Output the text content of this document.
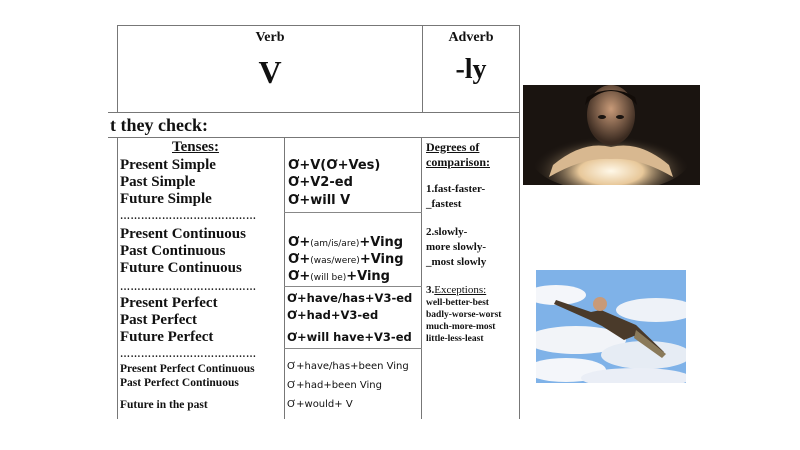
Verb
V
Adverb
-ly
t they check:
Tenses:
Present Simple
Past Simple
Future Simple
…………………………………
Ơ+V(Ơ+Ves)
Ơ+V2-ed
Ơ+will V
Present Continuous
Past Continuous
Future Continuous
…………………………………
Ơ+(am/is/are)+Ving
Ơ+(was/were)+Ving
Ơ+(will be)+Ving
Present Perfect
Past Perfect
Future Perfect
…………………………………
Ơ+have/has+V3-ed
Ơ+had+V3-ed
Ơ+will have+V3-ed
Present Perfect Continuous
Past Perfect Continuous
Future in the past
Ơ+have/has+been Ving
Ơ+had+been Ving
Ơ+would+ V
Degrees of
comparison:
1.fast-faster-
_fastest
2.slowly-
more slowly-
_most slowly
3.Exceptions:
well-better-best
badly-worse-worst
much-more-most
little-less-least
